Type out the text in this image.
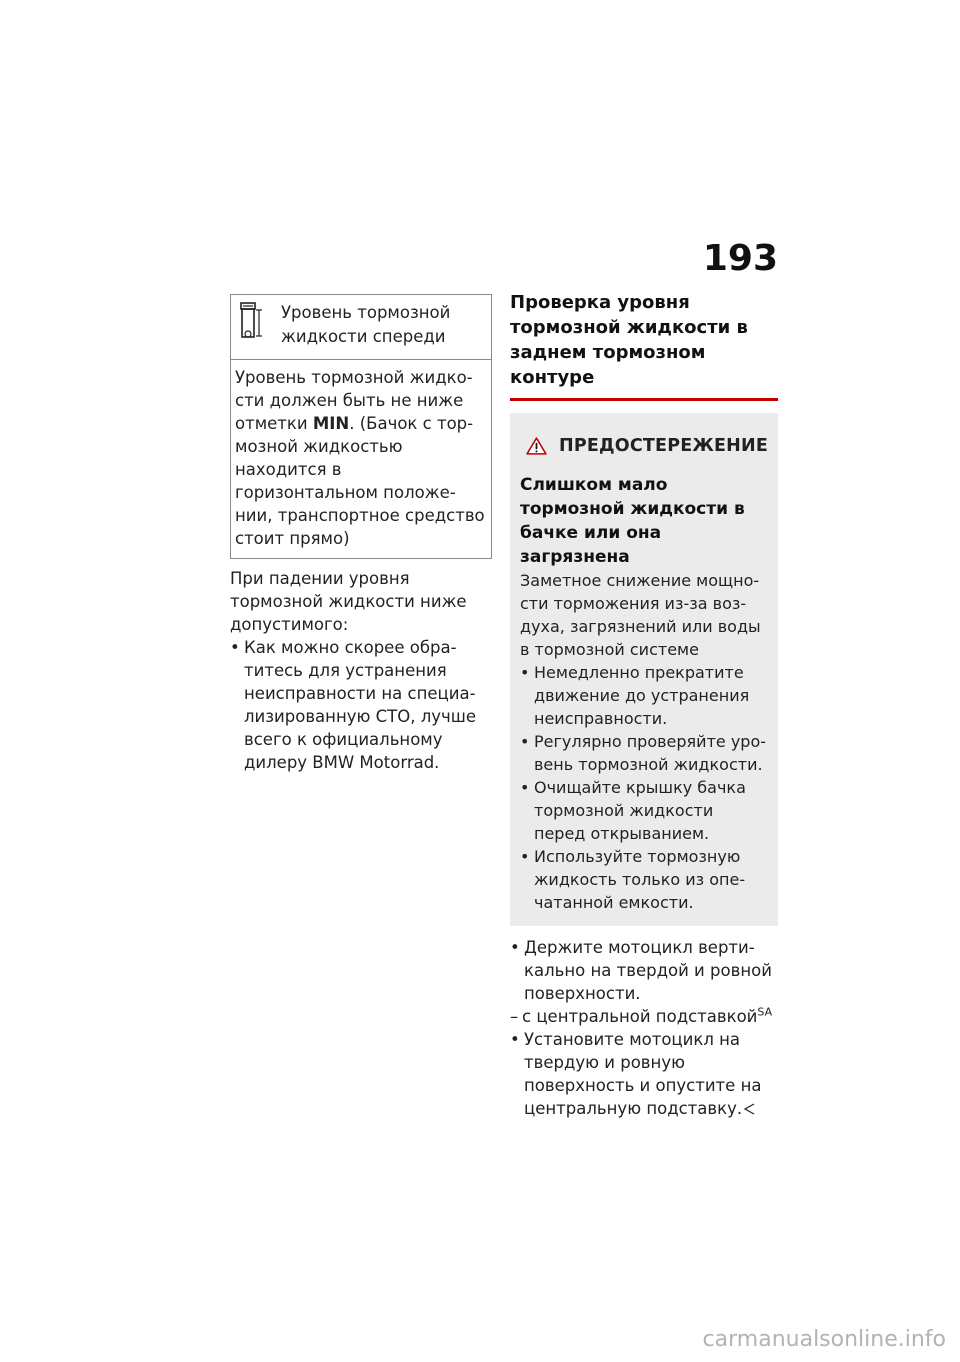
193
Уровень тормозной жидкости спереди
Уровень тормозной жидкости должен быть не ниже отметки MIN. (Бачок с тормозной жидкостью находится в горизонтальном положении, транспортное средство стоит прямо)

При падении уровня тормозной жидкости ниже допустимого:

• Как можно скорее обратитесь для устранения неисправности на специализированную СТО, лучше всего к официальному дилеру BMW Motorrad.
Проверка уровня тормозной жидкости в заднем тормозном контуре
ПРЕДОСТЕРЕЖЕНИЕ
Слишком мало тормозной жидкости в бачке или она загрязнена
Заметное снижение мощности торможения из-за воздуха, загрязнений или воды в тормозной системе
• Немедленно прекратите движение до устранения неисправности.
• Регулярно проверяйте уровень тормозной жидкости.
• Очищайте крышку бачка тормозной жидкости перед открыванием.
• Используйте тормозную жидкость только из опечатанной емкости.
• Держите мотоцикл вертикально на твердой и ровной поверхности.
– с центральной подставкой$^{SA}$
• Установите мотоцикл на твердую и ровную поверхность и опустите на центральную подставку.
carmanualsonline.info
